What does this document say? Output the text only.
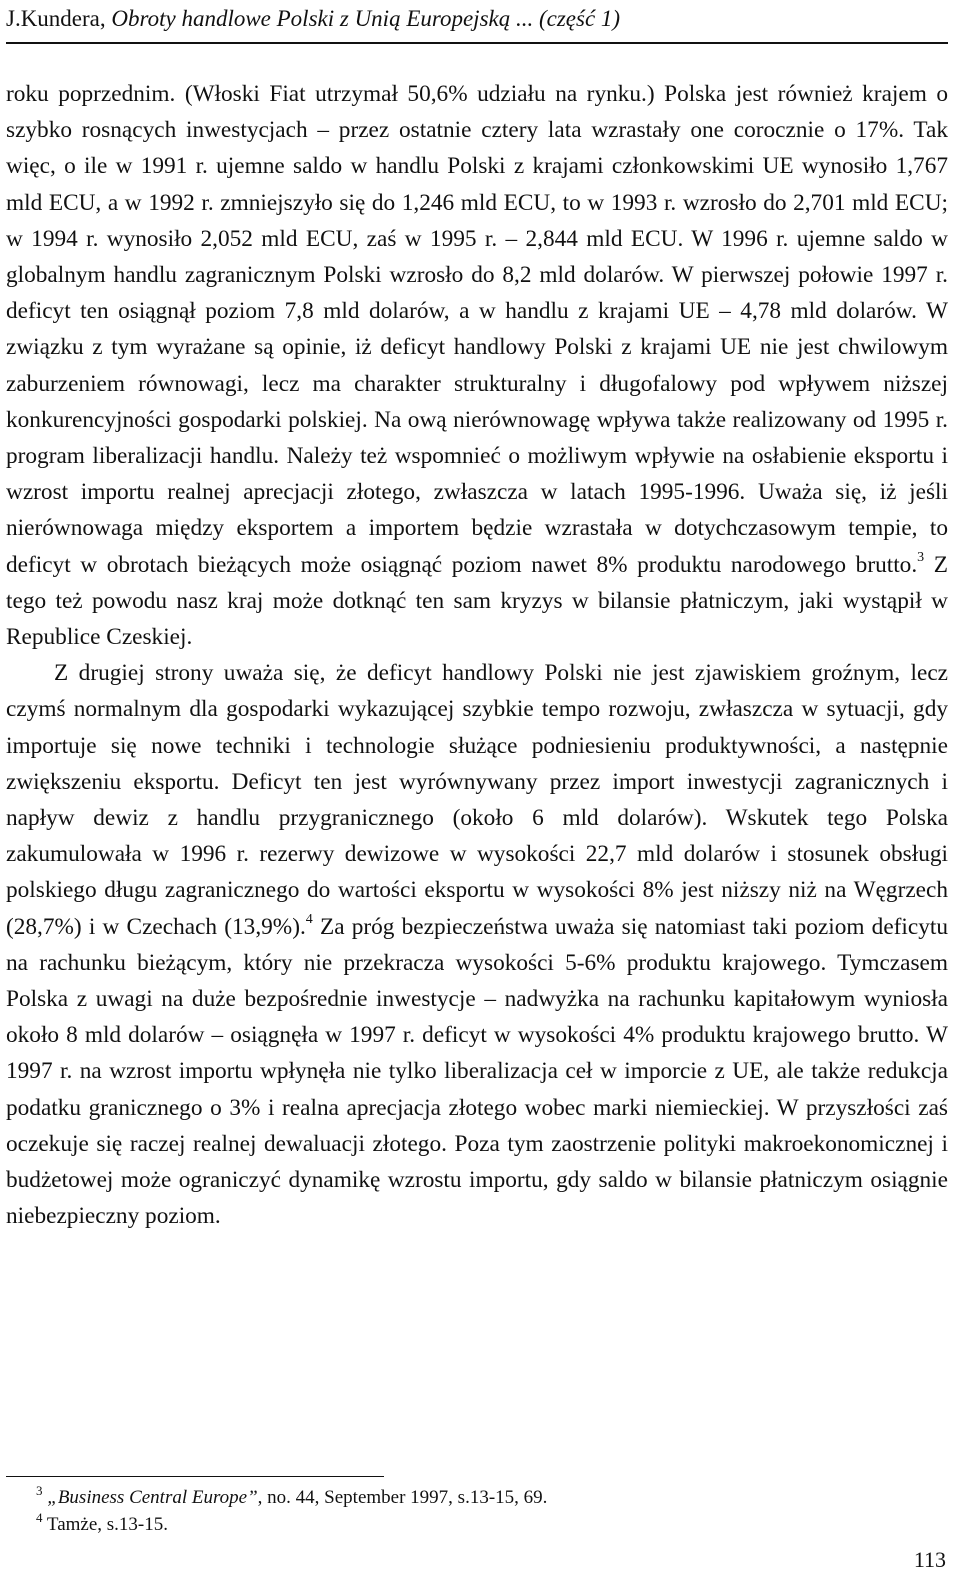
J.Kundera, Obroty handlowe Polski z Unią Europejską ... (część 1)

roku poprzednim. (Włoski Fiat utrzymał 50,6% udziału na rynku.) Polska jest również krajem o szybko rosnących inwestycjach – przez ostatnie cztery lata wzrastały one corocznie o 17%. Tak więc, o ile w 1991 r. ujemne saldo w handlu Polski z krajami członkowskimi UE wynosiło 1,767 mld ECU, a w 1992 r. zmniejszyło się do 1,246 mld ECU, to w 1993 r. wzrosło do 2,701 mld ECU; w 1994 r. wynosiło 2,052 mld ECU, zaś w 1995 r. – 2,844 mld ECU. W 1996 r. ujemne saldo w globalnym handlu zagranicznym Polski wzrosło do 8,2 mld dolarów. W pierwszej połowie 1997 r. deficyt ten osiągnął poziom 7,8 mld dolarów, a w handlu z krajami UE – 4,78 mld dolarów. W związku z tym wyrażane są opinie, iż deficyt handlowy Polski z krajami UE nie jest chwilowym zaburzeniem równowagi, lecz ma charakter strukturalny i długofalowy pod wpływem niższej konkurencyjności gospodarki polskiej. Na ową nierównowagę wpływa także realizowany od 1995 r. program liberalizacji handlu. Należy też wspomnieć o możliwym wpływie na osłabienie eksportu i wzrost importu realnej aprecjacji złotego, zwłaszcza w latach 1995-1996. Uważa się, iż jeśli nierównowaga między eksportem a importem będzie wzrastała w dotychczasowym tempie, to deficyt w obrotach bieżących może osiągnąć poziom nawet 8% produktu narodowego brutto.$^3$ Z tego też powodu nasz kraj może dotknąć ten sam kryzys w bilansie płatniczym, jaki wystąpił w Republice Czeskiej.

Z drugiej strony uważa się, że deficyt handlowy Polski nie jest zjawiskiem groźnym, lecz czymś normalnym dla gospodarki wykazującej szybkie tempo rozwoju, zwłaszcza w sytuacji, gdy importuje się nowe techniki i technologie służące podniesieniu produktywności, a następnie zwiększeniu eksportu. Deficyt ten jest wyrównywany przez import inwestycji zagranicznych i napływ dewiz z handlu przygranicznego (około 6 mld dolarów). Wskutek tego Polska zakumulowała w 1996 r. rezerwy dewizowe w wysokości 22,7 mld dolarów i stosunek obsługi polskiego długu zagranicznego do wartości eksportu w wysokości 8% jest niższy niż na Węgrzech (28,7%) i w Czechach (13,9%).$^4$ Za próg bezpieczeństwa uważa się natomiast taki poziom deficytu na rachunku bieżącym, który nie przekracza wysokości 5-6% produktu krajowego. Tymczasem Polska z uwagi na duże bezpośrednie inwestycje – nadwyżka na rachunku kapitałowym wyniosła około 8 mld dolarów – osiągnęła w 1997 r. deficyt w wysokości 4% produktu krajowego brutto. W 1997 r. na wzrost importu wpłynęła nie tylko liberalizacja ceł w imporcie z UE, ale także redukcja podatku granicznego o 3% i realna aprecjacja złotego wobec marki niemieckiej. W przyszłości zaś oczekuje się raczej realnej dewaluacji złotego. Poza tym zaostrzenie polityki makroekonomicznej i budżetowej może ograniczyć dynamikę wzrostu importu, gdy saldo w bilansie płatniczym osiągnie niebezpieczny poziom.

$^3$ „Business Central Europe”, no. 44, September 1997, s.13-15, 69.

$^4$ Tamże, s.13-15.

113
